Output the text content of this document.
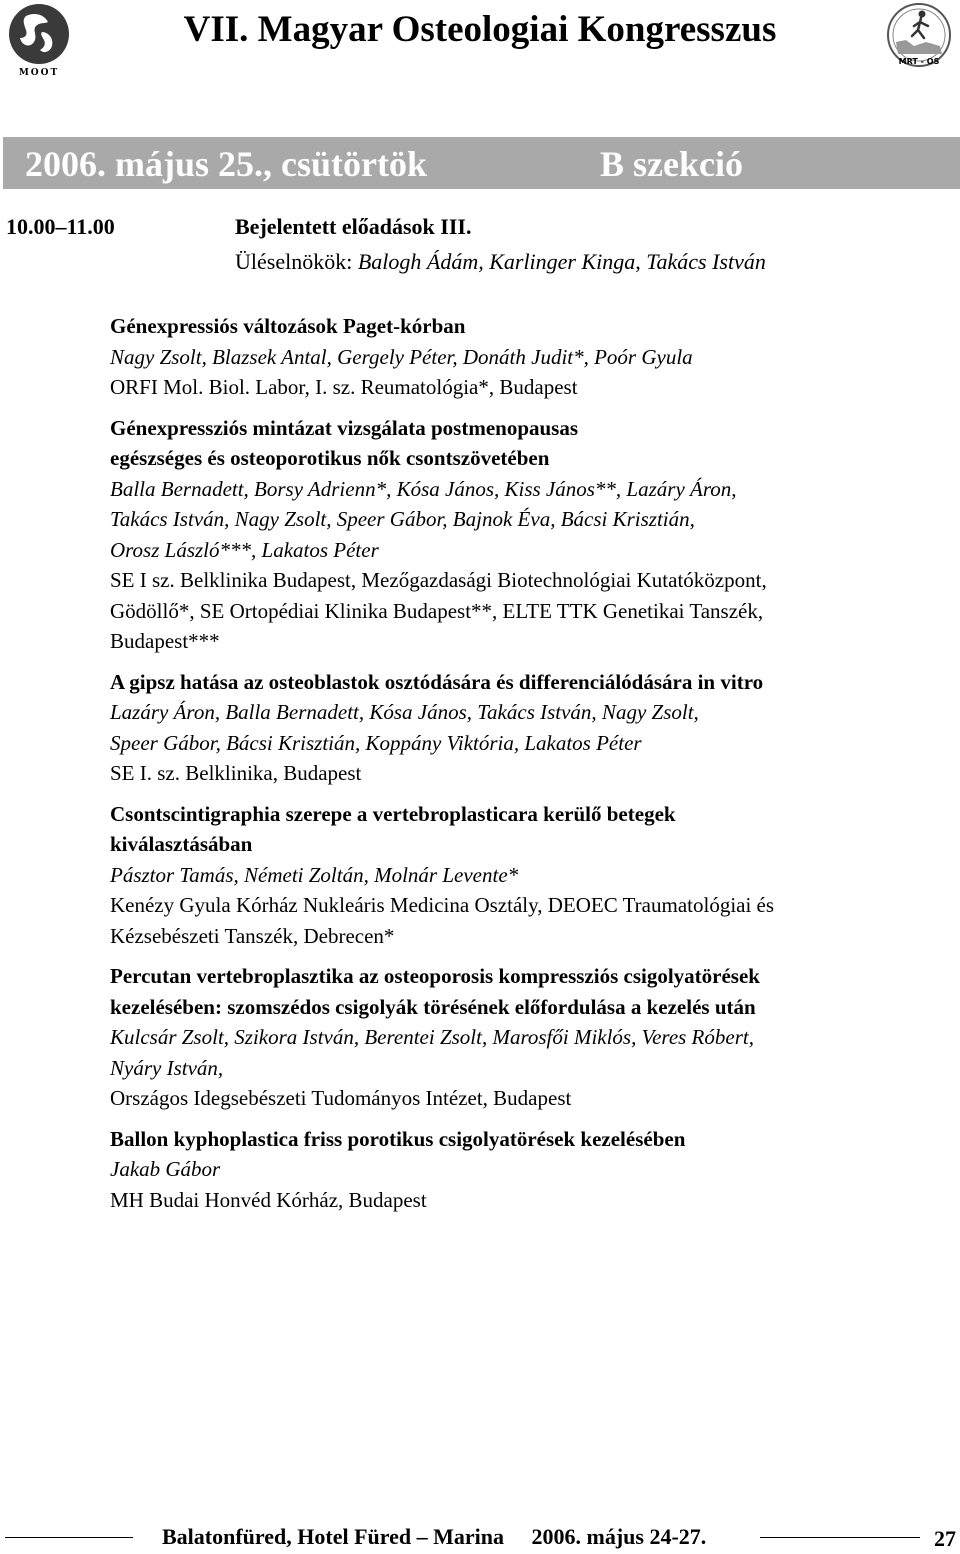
MOOT
VII. Magyar Osteologiai Kongresszus
MRT - OS
2006. május 25., csütörtök	B szekció
10.00–11.00	Bejelentett előadások III.
Üléselnökök: Balogh Ádám, Karlinger Kinga, Takács István
Génexpressiós változások Paget-kórban
Nagy Zsolt, Blazsek Antal, Gergely Péter, Donáth Judit*, Poór Gyula
ORFI Mol. Biol. Labor, I. sz. Reumatológia*, Budapest
Génexpressziós mintázat vizsgálata postmenopausas
egészséges és osteoporotikus nők csontszövetében
Balla Bernadett, Borsy Adrienn*, Kósa János, Kiss János**, Lazáry Áron,
Takács István, Nagy Zsolt, Speer Gábor, Bajnok Éva, Bácsi Krisztián,
Orosz László***, Lakatos Péter
SE I sz. Belklinika Budapest, Mezőgazdasági Biotechnológiai Kutatóközpont,
Gödöllő*, SE Ortopédiai Klinika Budapest**, ELTE TTK Genetikai Tanszék,
Budapest***
A gipsz hatása az osteoblastok osztódására és differenciálódására in vitro
Lazáry Áron, Balla Bernadett, Kósa János, Takács István, Nagy Zsolt,
Speer Gábor, Bácsi Krisztián, Koppány Viktória, Lakatos Péter
SE I. sz. Belklinika, Budapest
Csontscintigraphia szerepe a vertebroplasticara kerülő betegek
kiválasztásában
Pásztor Tamás, Németi Zoltán, Molnár Levente*
Kenézy Gyula Kórház Nukleáris Medicina Osztály, DEOEC Traumatológiai és
Kézsebészeti Tanszék, Debrecen*
Percutan vertebroplasztika az osteoporosis kompressziós csigolyatörések
kezelésében: szomszédos csigolyák törésének előfordulása a kezelés után
Kulcsár Zsolt, Szikora István, Berentei Zsolt, Marosfői Miklós, Veres Róbert,
Nyáry István,
Országos Idegsebészeti Tudományos Intézet, Budapest
Ballon kyphoplastica friss porotikus csigolyatörések kezelésében
Jakab Gábor
MH Budai Honvéd Kórház, Budapest
Balatonfüred, Hotel Füred – Marina 2006. május 24-27.	27
